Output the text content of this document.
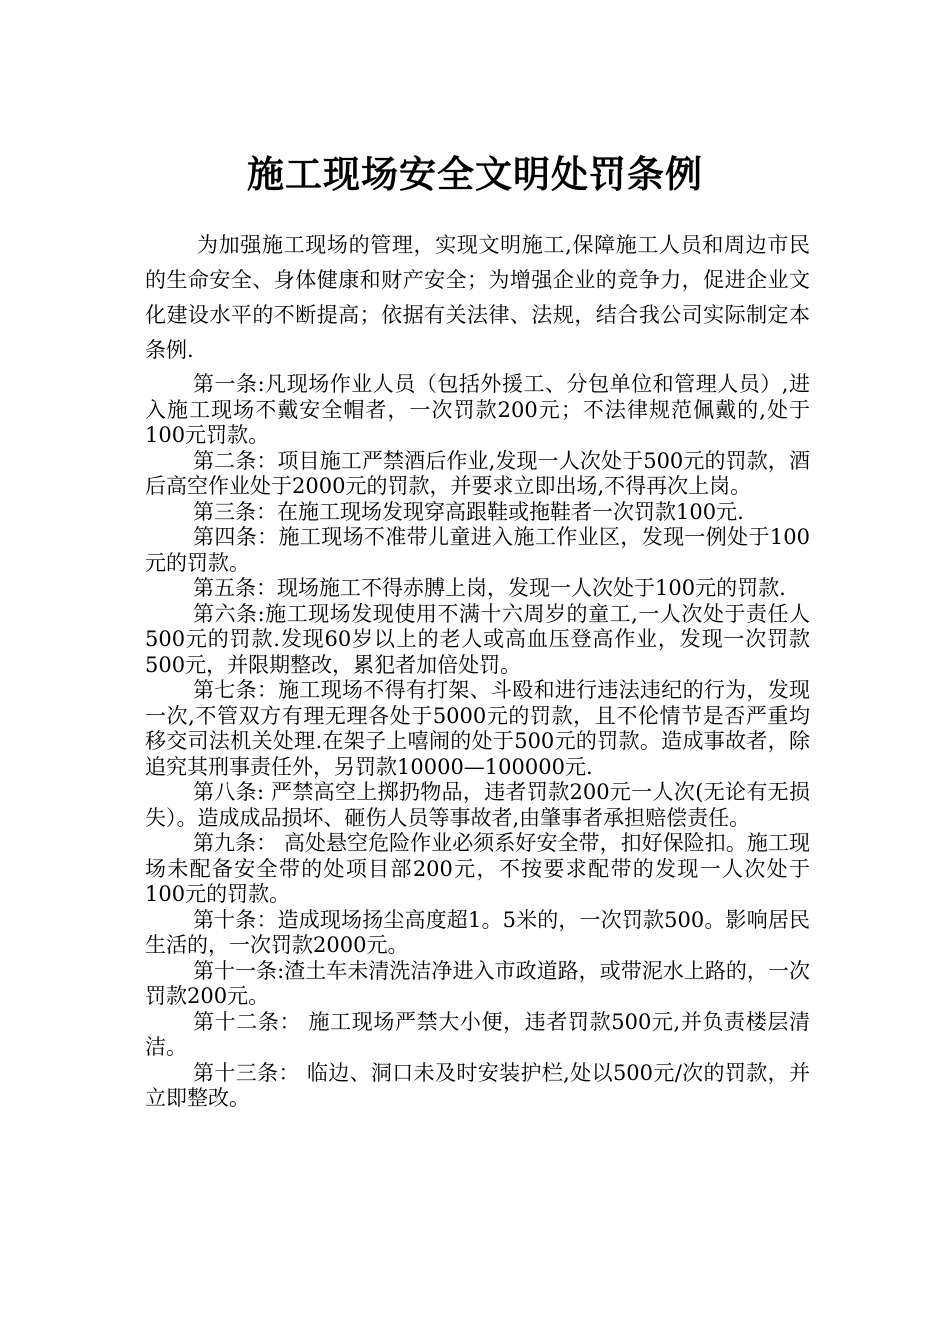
施工现场安全文明处罚条例

为加强施工现场的管理，实现文明施工,保障施工人员和周边市民的生命安全、身体健康和财产安全；为增强企业的竞争力，促进企业文化建设水平的不断提高；依据有关法律、法规，结合我公司实际制定本条例.

第一条:凡现场作业人员（包括外援工、分包单位和管理人员）,进入施工现场不戴安全帽者，一次罚款200元；不法律规范佩戴的,处于100元罚款。

第二条：项目施工严禁酒后作业,发现一人次处于500元的罚款，酒后高空作业处于2000元的罚款，并要求立即出场,不得再次上岗。

第三条：在施工现场发现穿高跟鞋或拖鞋者一次罚款100元.

第四条：施工现场不准带儿童进入施工作业区，发现一例处于100元的罚款。

第五条：现场施工不得赤膊上岗，发现一人次处于100元的罚款.

第六条:施工现场发现使用不满十六周岁的童工,一人次处于责任人500元的罚款.发现60岁以上的老人或高血压登高作业，发现一次罚款500元，并限期整改，累犯者加倍处罚。

第七条：施工现场不得有打架、斗殴和进行违法违纪的行为，发现一次,不管双方有理无理各处于5000元的罚款，且不伦情节是否严重均移交司法机关处理.在架子上嘻闹的处于500元的罚款。造成事故者，除追究其刑事责任外，另罚款10000—100000元.

第八条: 严禁高空上掷扔物品，违者罚款200元一人次(无论有无损失）。造成成品损坏、砸伤人员等事故者,由肇事者承担赔偿责任。

第九条： 高处悬空危险作业必须系好安全带，扣好保险扣。施工现场未配备安全带的处项目部200元，不按要求配带的发现一人次处于100元的罚款。

第十条：造成现场扬尘高度超1。5米的，一次罚款500。影响居民生活的，一次罚款2000元。

第十一条:渣土车未清洗洁净进入市政道路，或带泥水上路的，一次罚款200元。

第十二条： 施工现场严禁大小便，违者罚款500元,并负责楼层清洁。

第十三条： 临边、洞口未及时安装护栏,处以500元/次的罚款，并立即整改。
